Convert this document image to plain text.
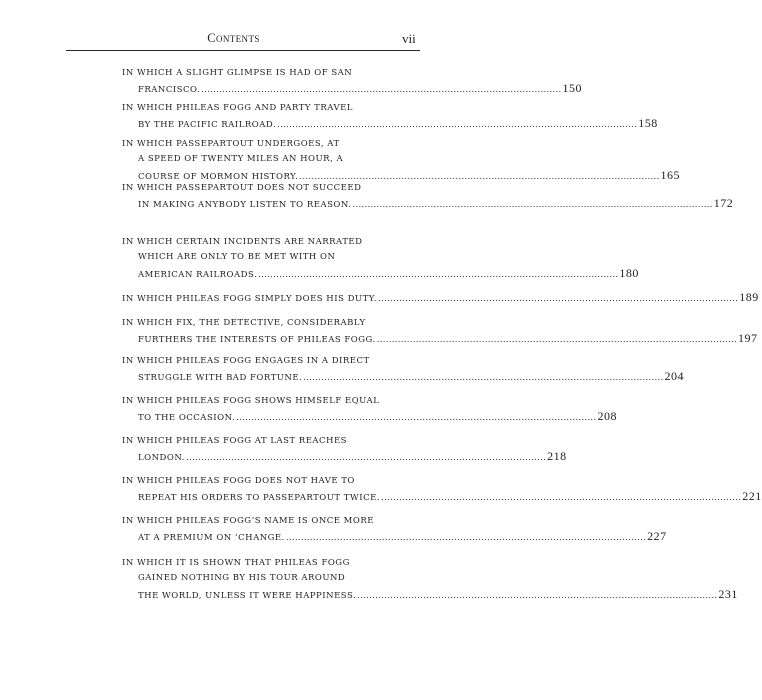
Contents	vii
IN WHICH A SLIGHT GLIMPSE IS HAD OF SAN
FRANCISCO. ........................................................................................................................ 150
IN WHICH PHILEAS FOGG AND PARTY TRAVEL
BY THE PACIFIC RAILROAD. ........................................................................................................................ 158
IN WHICH PASSEPARTOUT UNDERGOES, AT
A SPEED OF TWENTY MILES AN HOUR, A
COURSE OF MORMON HISTORY. ........................................................................................................................ 165
IN WHICH PASSEPARTOUT DOES NOT SUCCEED
IN MAKING ANYBODY LISTEN TO REASON. ........................................................................................................................ 172
IN WHICH CERTAIN INCIDENTS ARE NARRATED
WHICH ARE ONLY TO BE MET WITH ON
AMERICAN RAILROADS. ........................................................................................................................ 180
IN WHICH PHILEAS FOGG SIMPLY DOES HIS DUTY. ........................................................................................................................ 189
IN WHICH FIX, THE DETECTIVE, CONSIDERABLY
FURTHERS THE INTERESTS OF PHILEAS FOGG. ........................................................................................................................ 197
IN WHICH PHILEAS FOGG ENGAGES IN A DIRECT
STRUGGLE WITH BAD FORTUNE. ........................................................................................................................ 204
IN WHICH PHILEAS FOGG SHOWS HIMSELF EQUAL
TO THE OCCASION. ........................................................................................................................ 208
IN WHICH PHILEAS FOGG AT LAST REACHES
LONDON. ........................................................................................................................ 218
IN WHICH PHILEAS FOGG DOES NOT HAVE TO
REPEAT HIS ORDERS TO PASSEPARTOUT TWICE. ........................................................................................................................ 221
IN WHICH PHILEAS FOGG’S NAME IS ONCE MORE
AT A PREMIUM ON ’CHANGE. ........................................................................................................................ 227
IN WHICH IT IS SHOWN THAT PHILEAS FOGG
GAINED NOTHING BY HIS TOUR AROUND
THE WORLD, UNLESS IT WERE HAPPINESS. ........................................................................................................................ 231
